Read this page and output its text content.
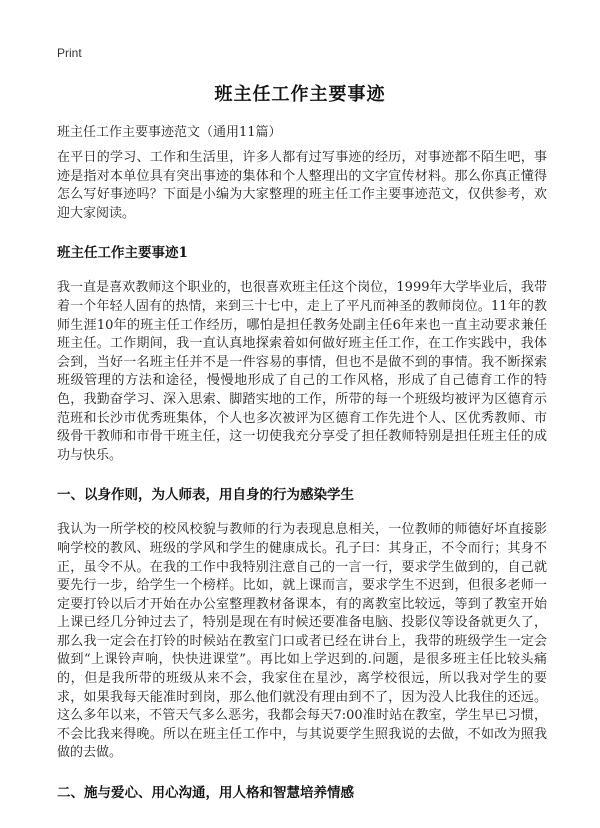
Print
班主任工作主要事迹
班主任工作主要事迹范文（通用11篇）

在平日的学习、工作和生活里，许多人都有过写事迹的经历，对事迹都不陌生吧，事迹是指对本单位具有突出事迹的集体和个人整理出的文字宣传材料。那么你真正懂得怎么写好事迹吗？下面是小编为大家整理的班主任工作主要事迹范文，仅供参考，欢迎大家阅读。

班主任工作主要事迹1

我一直是喜欢教师这个职业的，也很喜欢班主任这个岗位，1999年大学毕业后，我带着一个年轻人固有的热情，来到三十七中，走上了平凡而神圣的教师岗位。11年的教师生涯10年的班主任工作经历，哪怕是担任教务处副主任6年来也一直主动要求兼任班主任。工作期间，我一直认真地探索着如何做好班主任工作，在工作实践中，我体会到，当好一名班主任并不是一件容易的事情，但也不是做不到的事情。我不断探索班级管理的方法和途径，慢慢地形成了自己的工作风格，形成了自己德育工作的特色，我勤奋学习、深入思索、脚踏实地的工作，所带的每一个班级均被评为区德育示范班和长沙市优秀班集体，个人也多次被评为区德育工作先进个人、区优秀教师、市级骨干教师和市骨干班主任，这一切使我充分享受了担任教师特别是担任班主任的成功与快乐。

一、以身作则，为人师表，用自身的行为感染学生

我认为一所学校的校风校貌与教师的行为表现息息相关，一位教师的师德好坏直接影响学校的教风、班级的学风和学生的健康成长。孔子曰：其身正，不令而行；其身不正，虽令不从。在我的工作中我特别注意自己的一言一行，要求学生做到的，自己就要先行一步，给学生一个榜样。比如，就上课而言，要求学生不迟到，但很多老师一定要打铃以后才开始在办公室整理教材备课本，有的离教室比较远，等到了教室开始上课已经几分钟过去了，特别是现在有时候还要准备电脑、投影仪等设备就更久了，那么我一定会在打铃的时候站在教室门口或者已经在讲台上，我带的班级学生一定会做到“上课铃声响，快快进课堂”。再比如上学迟到的.问题，是很多班主任比较头痛的，但是我所带的班级从来不会，我家住在星沙，离学校很远，所以我对学生的要求，如果我每天能准时到岗，那么他们就没有理由到不了，因为没人比我住的还远。这么多年以来，不管天气多么恶劣，我都会每天7:00准时站在教室，学生早已习惯，不会比我来得晚。所以在班主任工作中，与其说要学生照我说的去做，不如改为照我做的去做。

二、施与爱心、用心沟通，用人格和智慧培养情感
